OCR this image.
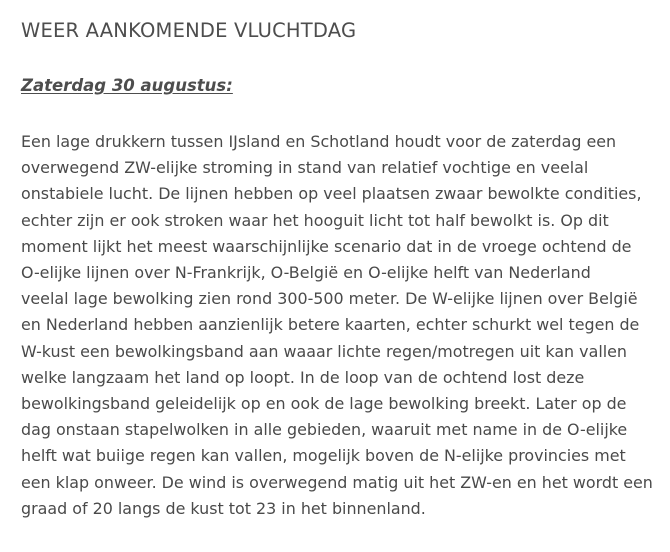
WEER AANKOMENDE VLUCHTDAG
Zaterdag 30 augustus:

Een lage drukkern tussen IJsland en Schotland houdt voor de zaterdag een
overwegend ZW-elijke stroming in stand van relatief vochtige en veelal
onstabiele lucht. De lijnen hebben op veel plaatsen zwaar bewolkte condities,
echter zijn er ook stroken waar het hooguit licht tot half bewolkt is. Op dit
moment lijkt het meest waarschijnlijke scenario dat in de vroege ochtend de
O-elijke lijnen over N-Frankrijk, O-België en O-elijke helft van Nederland
veelal lage bewolking zien rond 300-500 meter. De W-elijke lijnen over België
en Nederland hebben aanzienlijk betere kaarten, echter schurkt wel tegen de
W-kust een bewolkingsband aan waaar lichte regen/motregen uit kan vallen
welke langzaam het land op loopt. In de loop van de ochtend lost deze
bewolkingsband geleidelijk op en ook de lage bewolking breekt. Later op de
dag onstaan stapelwolken in alle gebieden, waaruit met name in de O-elijke
helft wat buiige regen kan vallen, mogelijk boven de N-elijke provincies met
een klap onweer. De wind is overwegend matig uit het ZW-en en het wordt een
graad of 20 langs de kust tot 23 in het binnenland.
